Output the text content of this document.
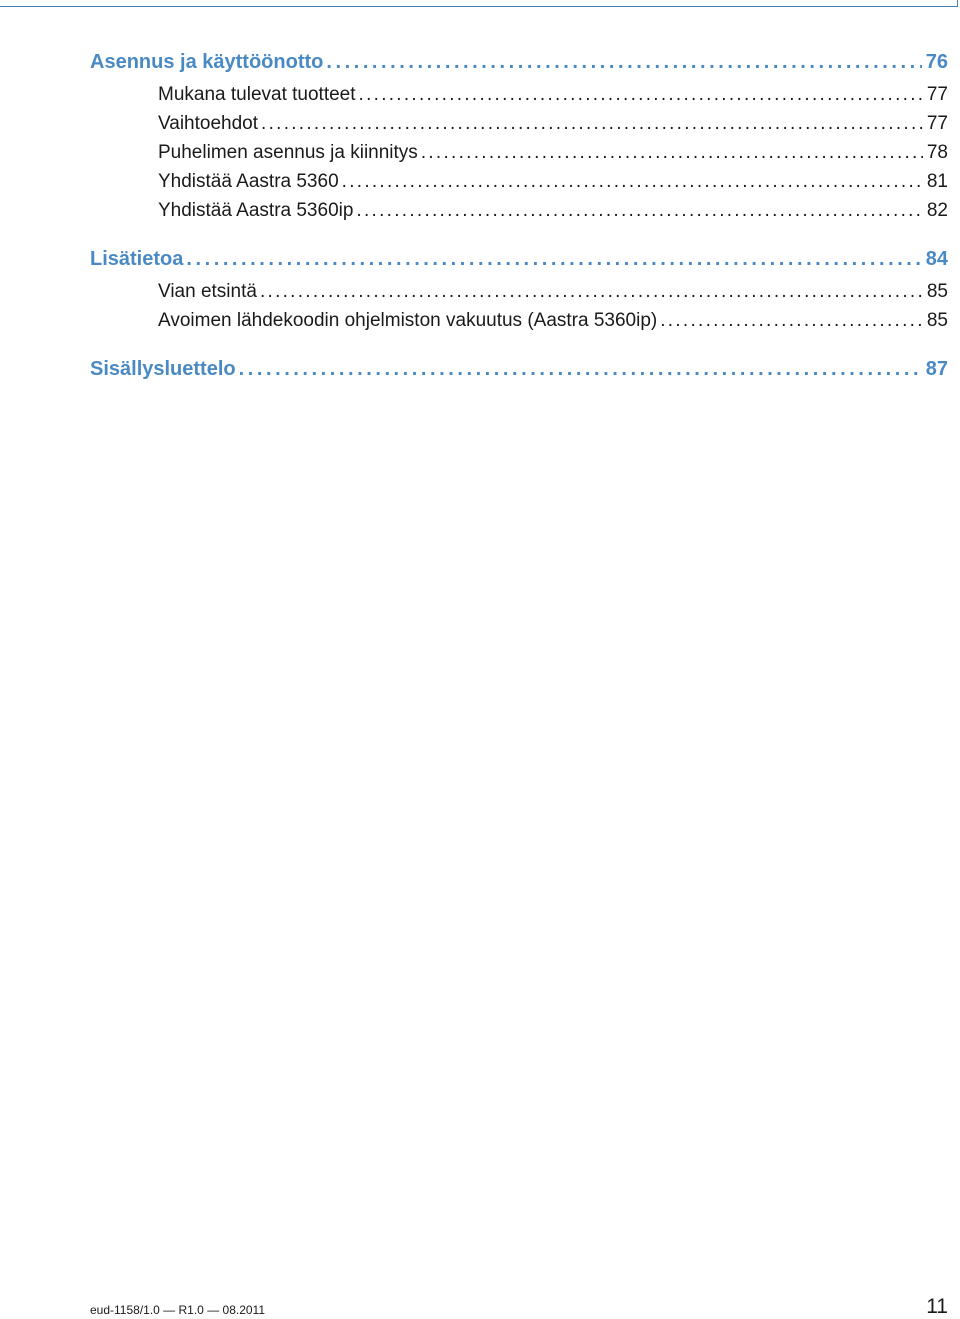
Asennus ja käyttöönotto . . .	76
Mukana tulevat tuotteet . . .	77
Vaihtoehdot . . .	77
Puhelimen asennus ja kiinnitys . . .	78
Yhdistää Aastra 5360 . . .	81
Yhdistää Aastra 5360ip . . .	82
Lisätietoa . . .	84
Vian etsintä . . .	85
Avoimen lähdekoodin ohjelmiston vakuutus (Aastra 5360ip) . . .	85
Sisällysluettelo . . .	87
eud-1158/1.0 — R1.0 — 08.2011	11
